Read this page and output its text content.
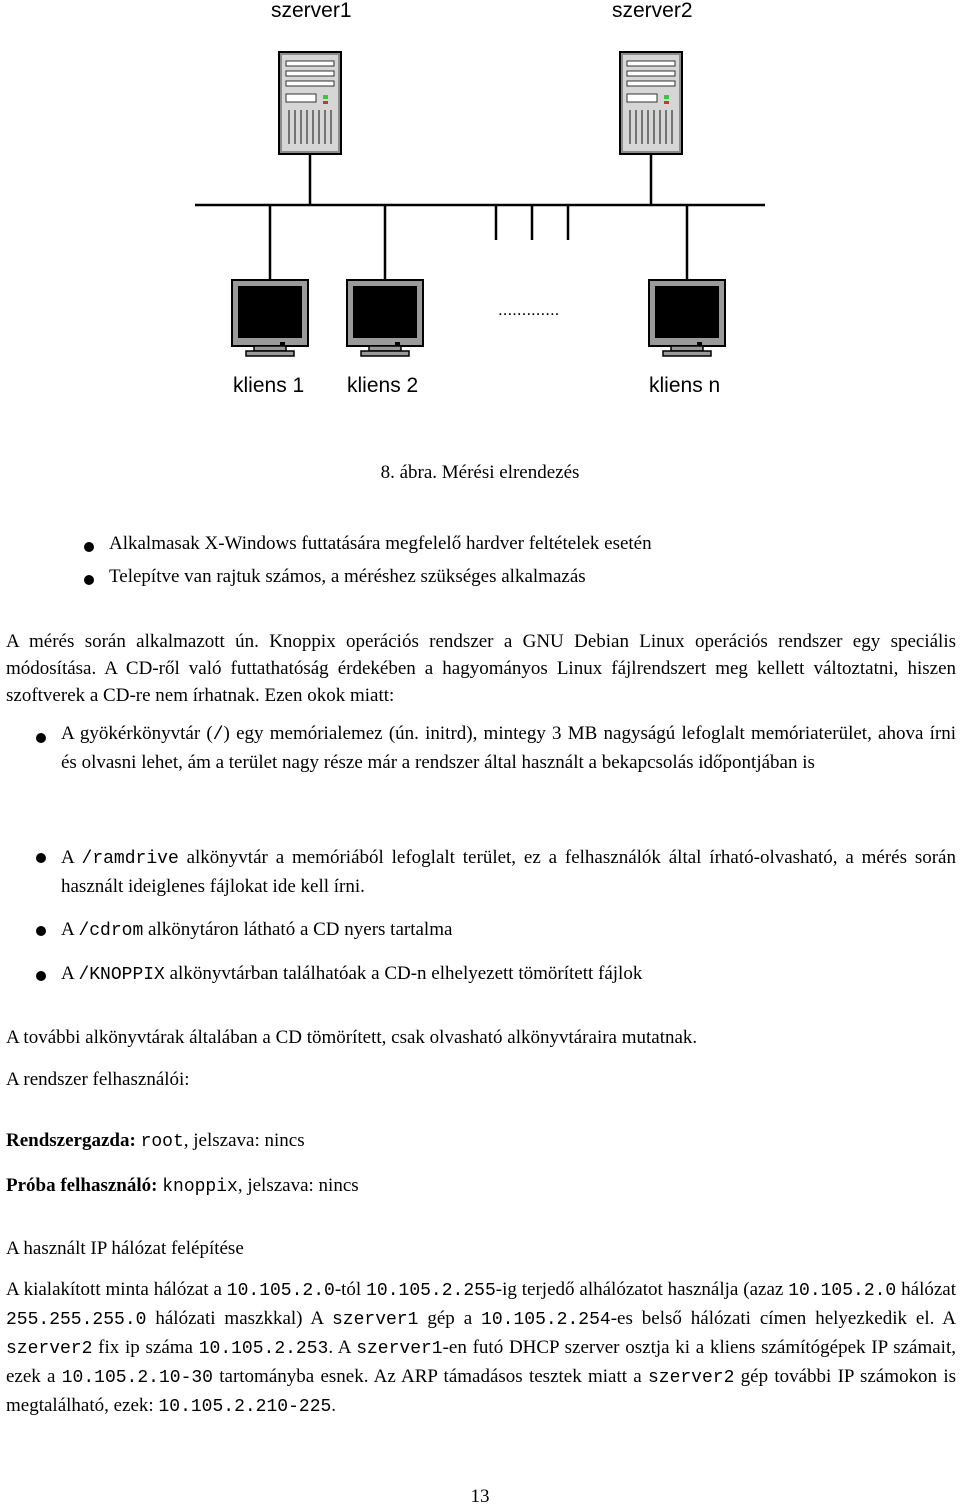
szerver1	szerver2
.............
kliens 1 kliens 2	kliens n
8. ábra. Mérési elrendezés
Alkalmasak X-Windows futtatására megfelelő hardver feltételek esetén
Telepítve van rajtuk számos, a méréshez szükséges alkalmazás
A mérés során alkalmazott ún. Knoppix operációs rendszer a GNU Debian Linux operációs rendszer egy speciális módosítása. A CD-ről való futtathatóság érdekében a hagyományos Linux fájlrendszert meg kellett változtatni, hiszen szoftverek a CD-re nem írhatnak. Ezen okok miatt:
A gyökérkönyvtár (/) egy memórialemez (ún. initrd), mintegy 3 MB nagyságú lefoglalt memóriaterület, ahova írni és olvasni lehet, ám a terület nagy része már a rendszer által használt a bekapcsolás időpontjában is
A /ramdrive alkönyvtár a memóriából lefoglalt terület, ez a felhasználók által írható-olvasható, a mérés során használt ideiglenes fájlokat ide kell írni.
A /cdrom alkönytáron látható a CD nyers tartalma
A /KNOPPIX alkönyvtárban találhatóak a CD-n elhelyezett tömörített fájlok
A további alkönyvtárak általában a CD tömörített, csak olvasható alkönyvtáraira mutatnak.
A rendszer felhasználói:
Rendszergazda: root, jelszava: nincs
Próba felhasználó: knoppix, jelszava: nincs
A használt IP hálózat felépítése
A kialakított minta hálózat a 10.105.2.0-tól 10.105.2.255-ig terjedő alhálózatot használja (azaz 10.105.2.0 hálózat 255.255.255.0 hálózati maszkkal) A szerver1 gép a 10.105.2.254-es belső hálózati címen helyezkedik el. A szerver2 fix ip száma 10.105.2.253. A szerver1-en futó DHCP szerver osztja ki a kliens számítógépek IP számait, ezek a 10.105.2.10-30 tartományba esnek. Az ARP támadásos tesztek miatt a szerver2 gép további IP számokon is megtalálható, ezek: 10.105.2.210-225.
13
